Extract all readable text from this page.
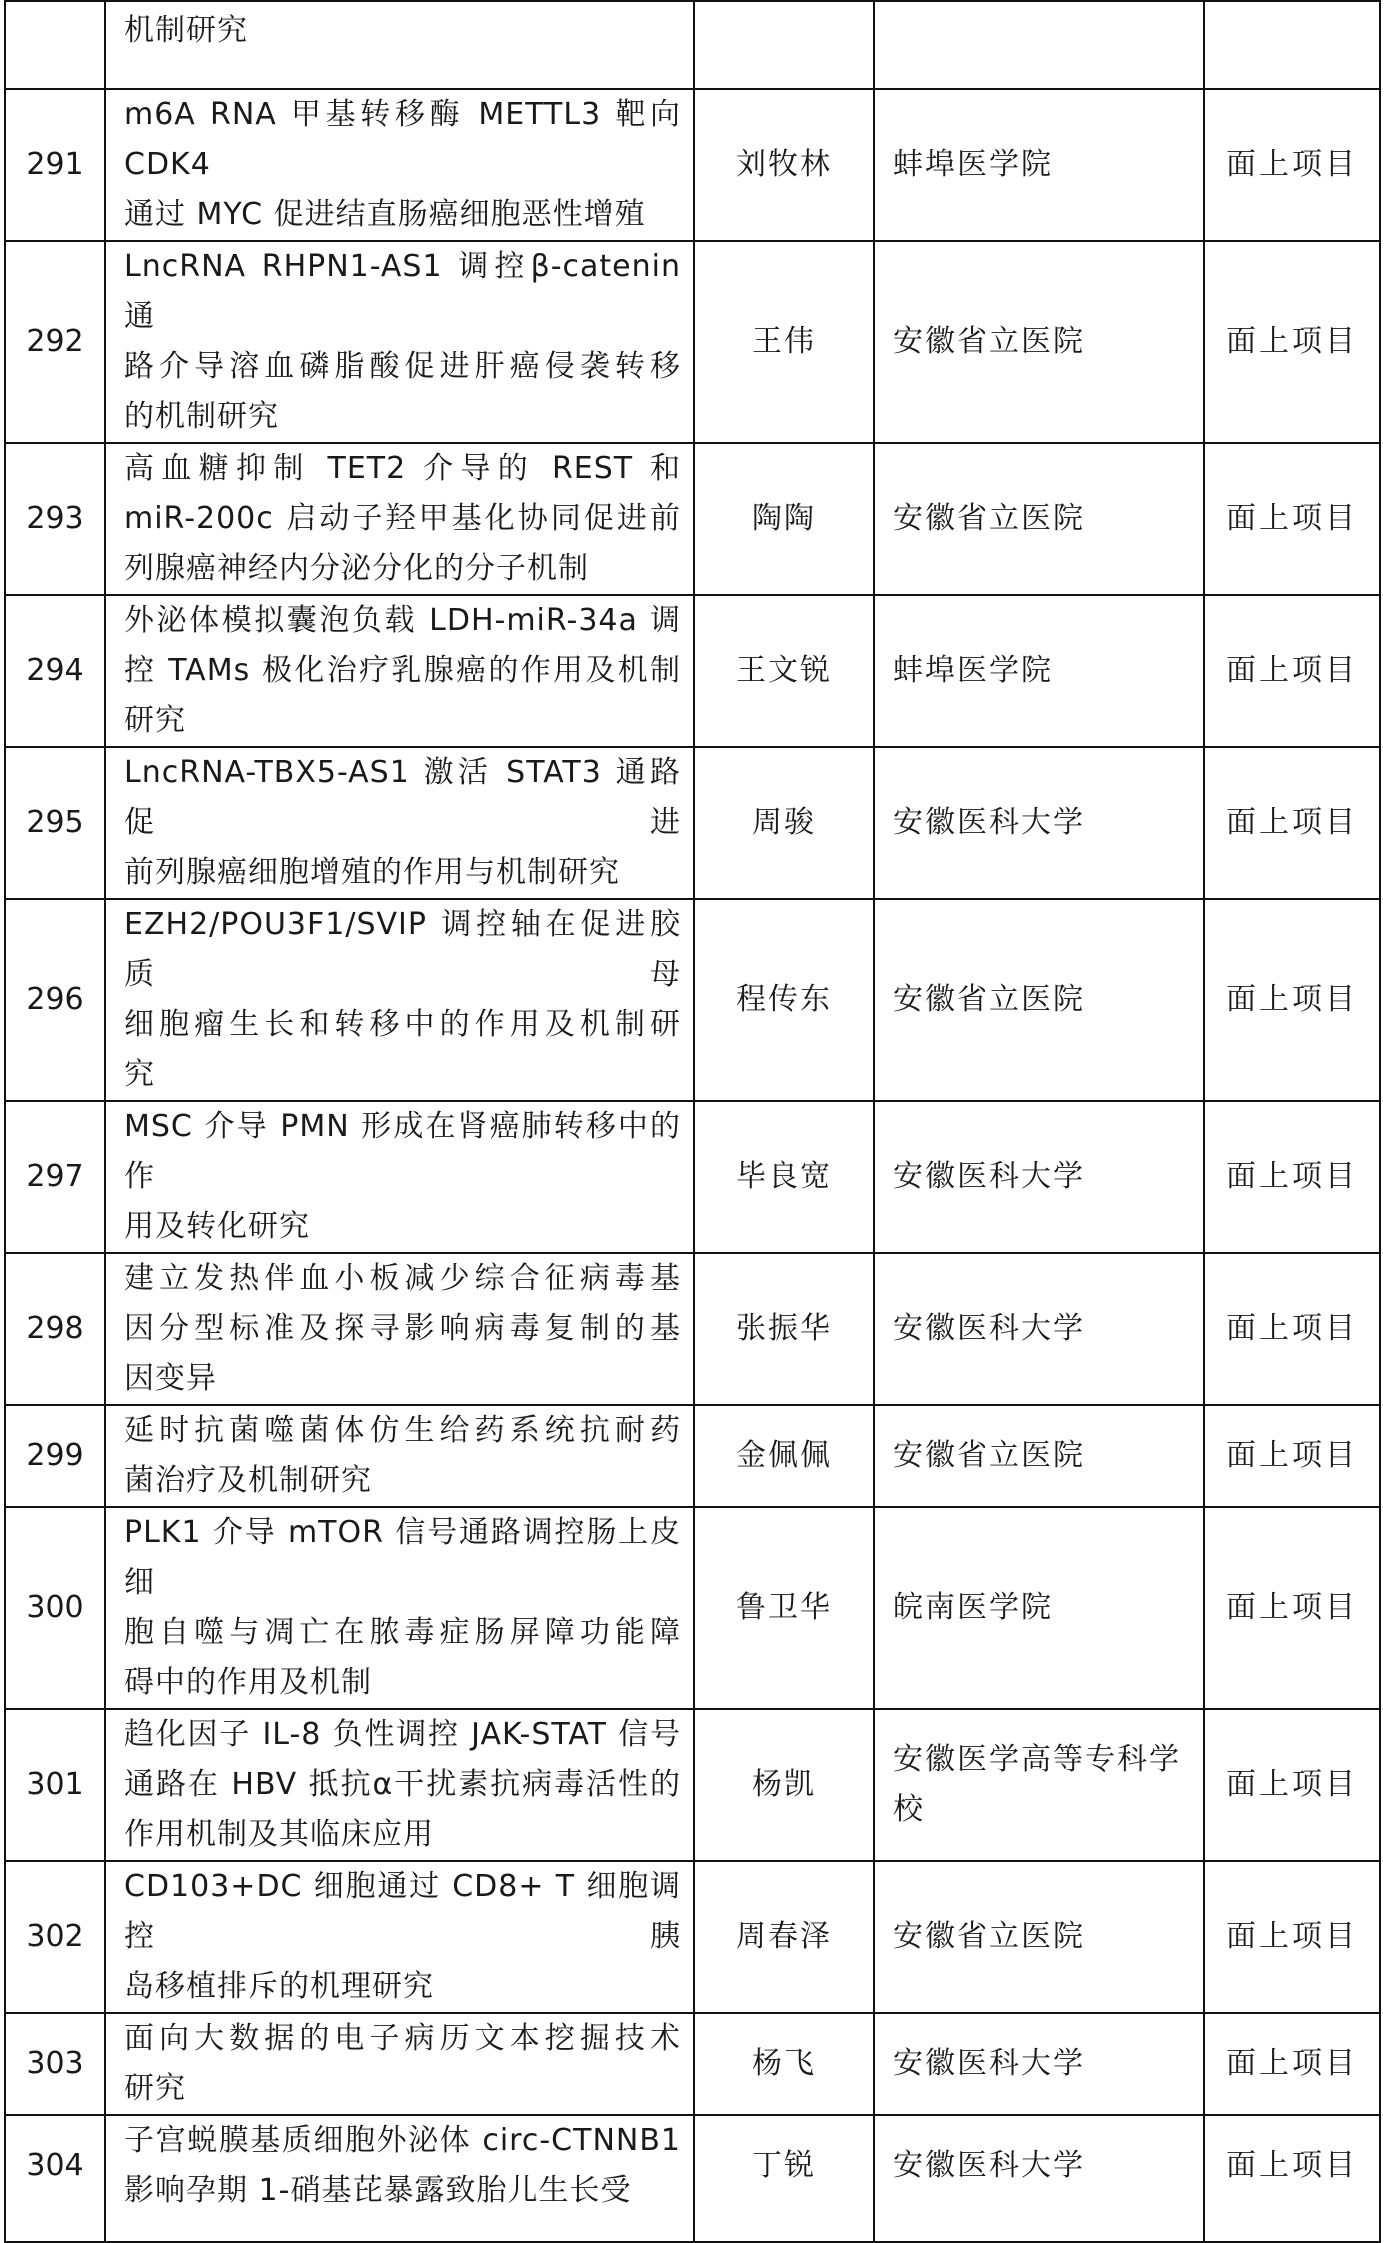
	机制研究			

291	m6A RNA 甲基转移酶 METTL3 靶向 CDK4
通过 MYC 促进结直肠癌细胞恶性增殖	刘牧林	蚌埠医学院	面上项目
292	LncRNA RHPN1-AS1 调控β-catenin 通
路介导溶血磷脂酸促进肝癌侵袭转移
的机制研究	王伟	安徽省立医院	面上项目
293	高血糖抑制 TET2 介导的 REST 和
miR-200c 启动子羟甲基化协同促进前
列腺癌神经内分泌分化的分子机制	陶陶	安徽省立医院	面上项目
294	外泌体模拟囊泡负载 LDH-miR-34a 调
控 TAMs 极化治疗乳腺癌的作用及机制
研究	王文锐	蚌埠医学院	面上项目
295	LncRNA-TBX5-AS1 激活 STAT3 通路促进
前列腺癌细胞增殖的作用与机制研究	周骏	安徽医科大学	面上项目
296	EZH2/POU3F1/SVIP 调控轴在促进胶质母
细胞瘤生长和转移中的作用及机制研
究	程传东	安徽省立医院	面上项目
297	MSC 介导 PMN 形成在肾癌肺转移中的作
用及转化研究	毕良宽	安徽医科大学	面上项目
298	建立发热伴血小板减少综合征病毒基
因分型标准及探寻影响病毒复制的基
因变异	张振华	安徽医科大学	面上项目
299	延时抗菌噬菌体仿生给药系统抗耐药
菌治疗及机制研究	金佩佩	安徽省立医院	面上项目
300	PLK1 介导 mTOR 信号通路调控肠上皮细
胞自噬与凋亡在脓毒症肠屏障功能障
碍中的作用及机制	鲁卫华	皖南医学院	面上项目
301	趋化因子 IL-8 负性调控 JAK-STAT 信号
通路在 HBV 抵抗α干扰素抗病毒活性的
作用机制及其临床应用	杨凯	安徽医学高等专科学校	面上项目
302	CD103+DC 细胞通过 CD8+ T 细胞调控胰
岛移植排斥的机理研究	周春泽	安徽省立医院	面上项目
303	面向大数据的电子病历文本挖掘技术
研究	杨飞	安徽医科大学	面上项目
304	子宫蜕膜基质细胞外泌体 circ-CTNNB1
影响孕期 1-硝基芘暴露致胎儿生长受	丁锐	安徽医科大学	面上项目
